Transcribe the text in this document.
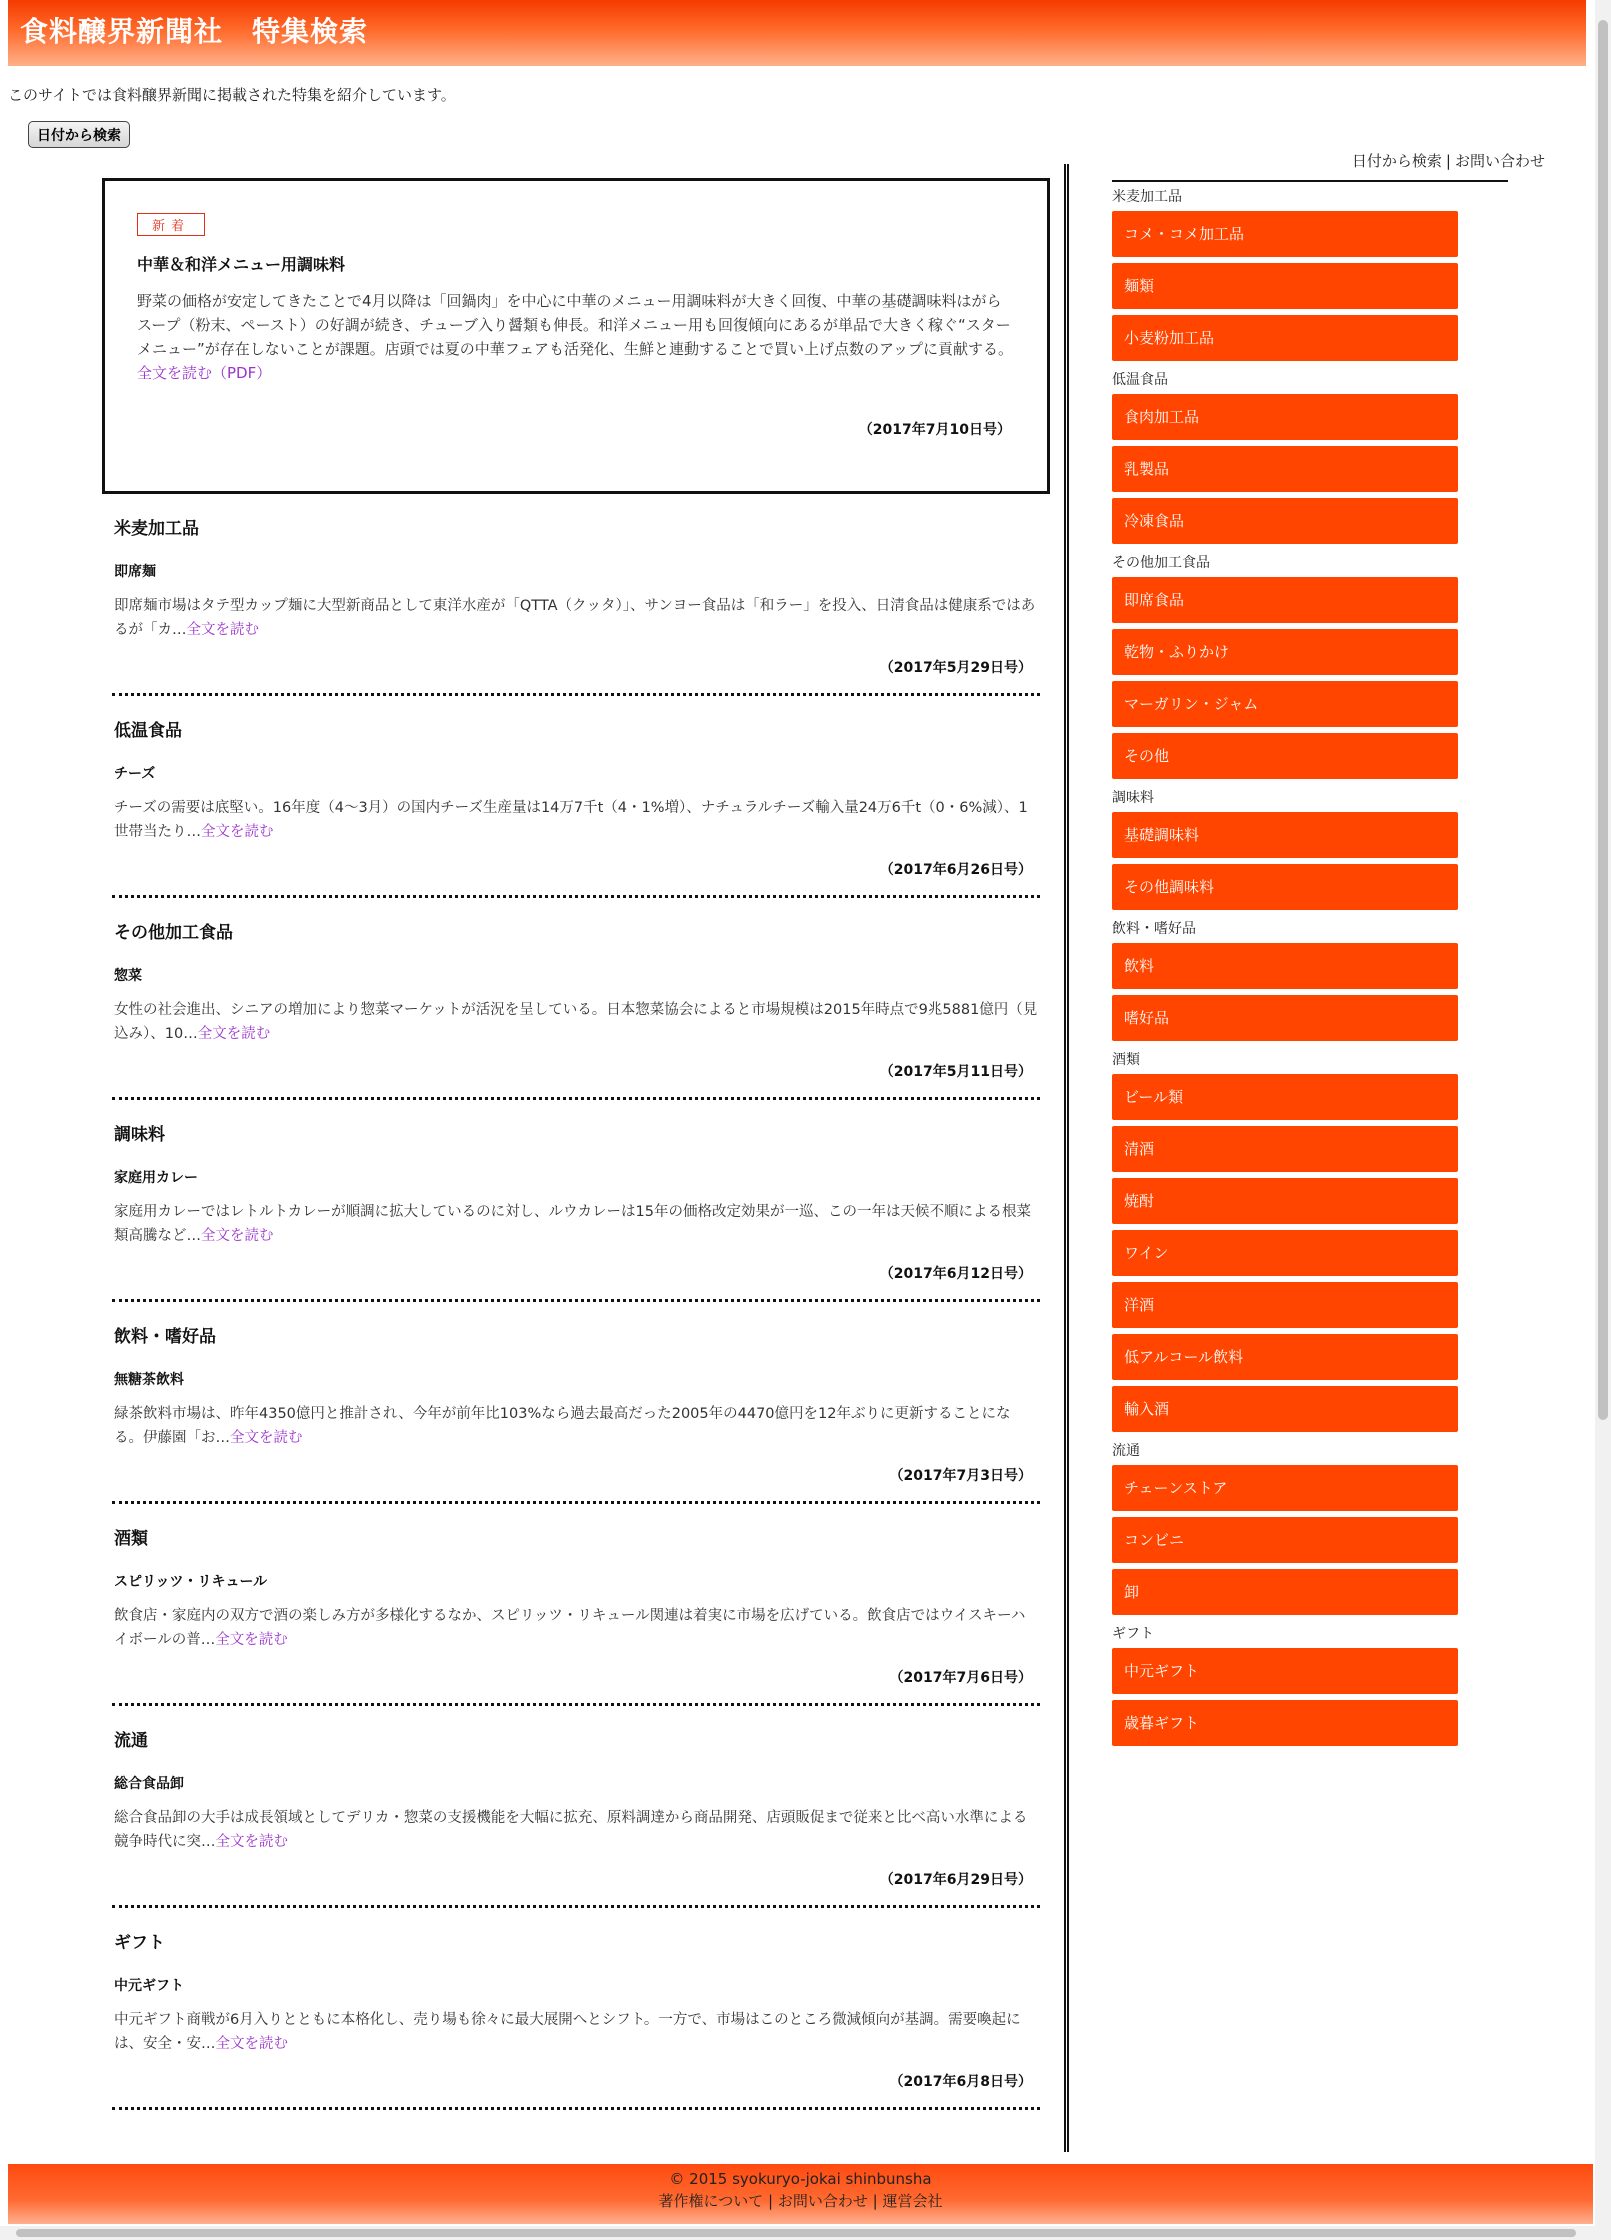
食料醸界新聞社　特集検索
このサイトでは食料醸界新聞に掲載された特集を紹介しています。
日付から検索
日付から検索 | お問い合わせ
新着
中華＆和洋メニュー用調味料
野菜の価格が安定してきたことで4月以降は「回鍋肉」を中心に中華のメニュー用調味料が大きく回復、中華の基礎調味料はがらスープ（粉末、ペースト）の好調が続き、チューブ入り醤類も伸長。和洋メニュー用も回復傾向にあるが単品で大きく稼ぐ“スターメニュー”が存在しないことが課題。店頭では夏の中華フェアも活発化、生鮮と連動することで買い上げ点数のアップに貢献する。全文を読む（PDF）
（2017年7月10日号）
米麦加工品
即席麺
即席麺市場はタテ型カップ麺に大型新商品として東洋水産が「QTTA（クッタ）」、サンヨー食品は「和ラー」を投入、日清食品は健康系ではあるが「カ…全文を読む
（2017年5月29日号）
低温食品
チーズ
チーズの需要は底堅い。16年度（4～3月）の国内チーズ生産量は14万7千t（4・1%増）、ナチュラルチーズ輸入量24万6千t（0・6%減）、1世帯当たり…全文を読む
（2017年6月26日号）
その他加工食品
惣菜
女性の社会進出、シニアの増加により惣菜マーケットが活況を呈している。日本惣菜協会によると市場規模は2015年時点で9兆5881億円（見込み）、10…全文を読む
（2017年5月11日号）
調味料
家庭用カレー
家庭用カレーではレトルトカレーが順調に拡大しているのに対し、ルウカレーは15年の価格改定効果が一巡、この一年は天候不順による根菜類高騰など…全文を読む
（2017年6月12日号）
飲料・嗜好品
無糖茶飲料
緑茶飲料市場は、昨年4350億円と推計され、今年が前年比103%なら過去最高だった2005年の4470億円を12年ぶりに更新することになる。伊藤園「お…全文を読む
（2017年7月3日号）
酒類
スピリッツ・リキュール
飲食店・家庭内の双方で酒の楽しみ方が多様化するなか、スピリッツ・リキュール関連は着実に市場を広げている。飲食店ではウイスキーハイボールの普…全文を読む
（2017年7月6日号）
流通
総合食品卸
総合食品卸の大手は成長領域としてデリカ・惣菜の支援機能を大幅に拡充、原料調達から商品開発、店頭販促まで従来と比べ高い水準による競争時代に突…全文を読む
（2017年6月29日号）
ギフト
中元ギフト
中元ギフト商戦が6月入りとともに本格化し、売り場も徐々に最大展開へとシフト。一方で、市場はこのところ微減傾向が基調。需要喚起には、安全・安…全文を読む
（2017年6月8日号）
米麦加工品
コメ・コメ加工品
麺類
小麦粉加工品
低温食品
食肉加工品
乳製品
冷凍食品
その他加工食品
即席食品
乾物・ふりかけ
マーガリン・ジャム
その他
調味料
基礎調味料
その他調味料
飲料・嗜好品
飲料
嗜好品
酒類
ビール類
清酒
焼酎
ワイン
洋酒
低アルコール飲料
輸入酒
流通
チェーンストア
コンビニ
卸
ギフト
中元ギフト
歳暮ギフト
© 2015 syokuryo-jokai shinbunsha
著作権について | お問い合わせ | 運営会社
